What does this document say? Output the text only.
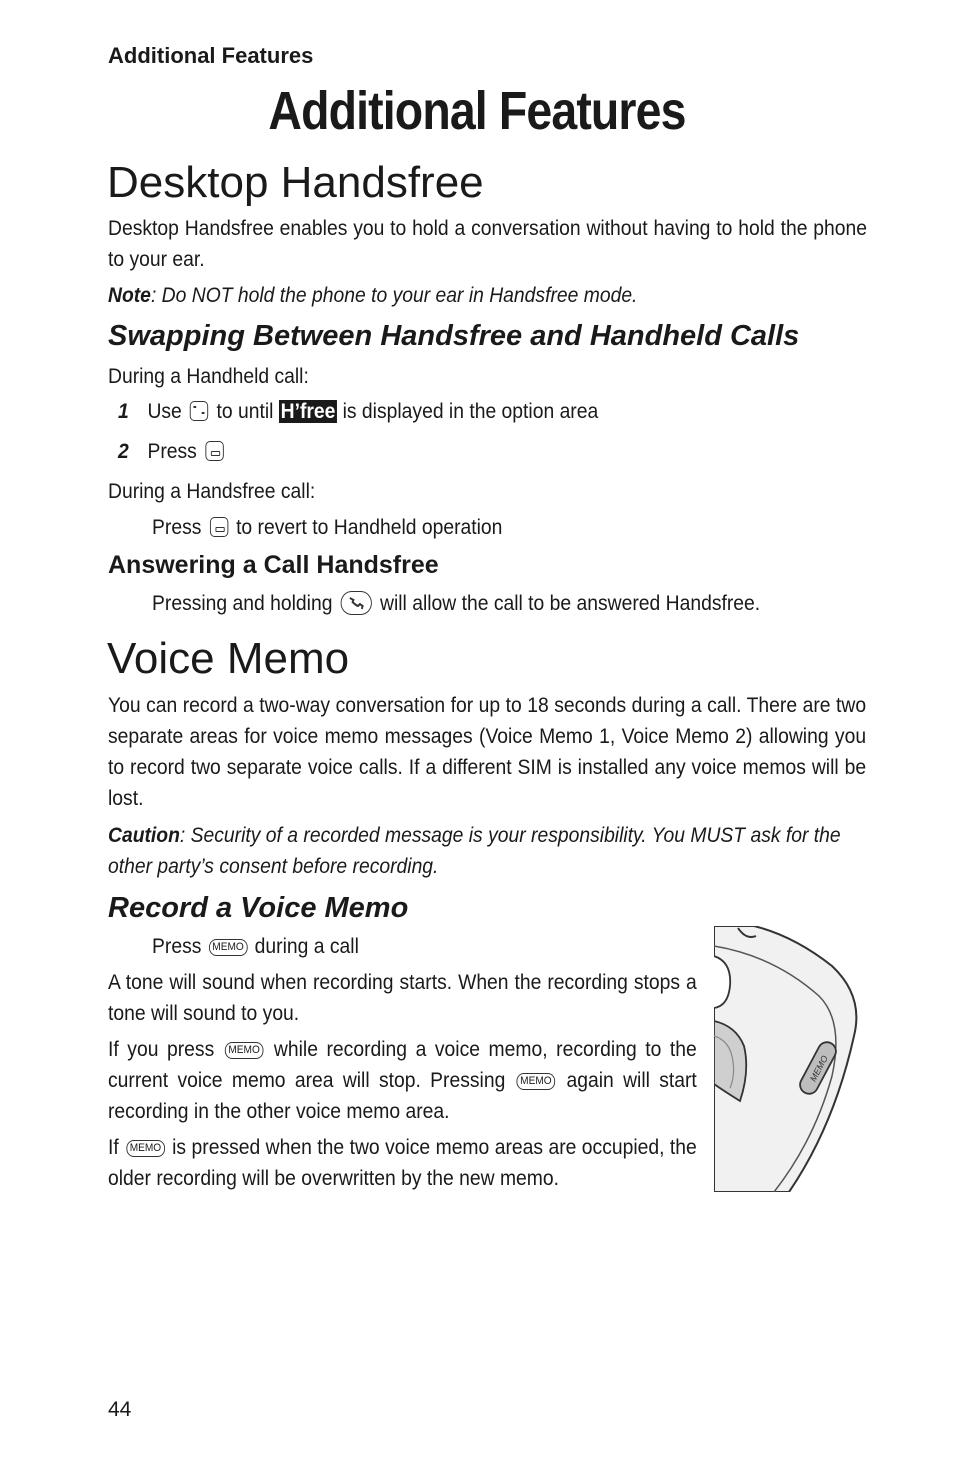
Additional Features
Additional Features
Desktop Handsfree
Desktop Handsfree enables you to hold a conversation without having to hold the phone to your ear.
Note: Do NOT hold the phone to your ear in Handsfree mode.
Swapping Between Handsfree and Handheld Calls
During a Handheld call:
1 Use to until H’free is displayed in the option area
2 Press
During a Handsfree call:
Press to revert to Handheld operation
Answering a Call Handsfree
Pressing and holding will allow the call to be answered Handsfree.
Voice Memo
You can record a two-way conversation for up to 18 seconds during a call. There are two separate areas for voice memo messages (Voice Memo 1, Voice Memo 2) allowing you to record two separate voice calls. If a different SIM is installed any voice memos will be lost.
Caution: Security of a recorded message is your responsibility. You MUST ask for the other party’s consent before recording.
Record a Voice Memo
Press MEMO during a call
A tone will sound when recording starts. When the recording stops a tone will sound to you.
If you press MEMO while recording a voice memo, recording to the current voice memo area will stop. Pressing MEMO again will start recording in the other voice memo area.
If MEMO is pressed when the two voice memo areas are occupied, the older recording will be overwritten by the new memo.
MEMO
44
